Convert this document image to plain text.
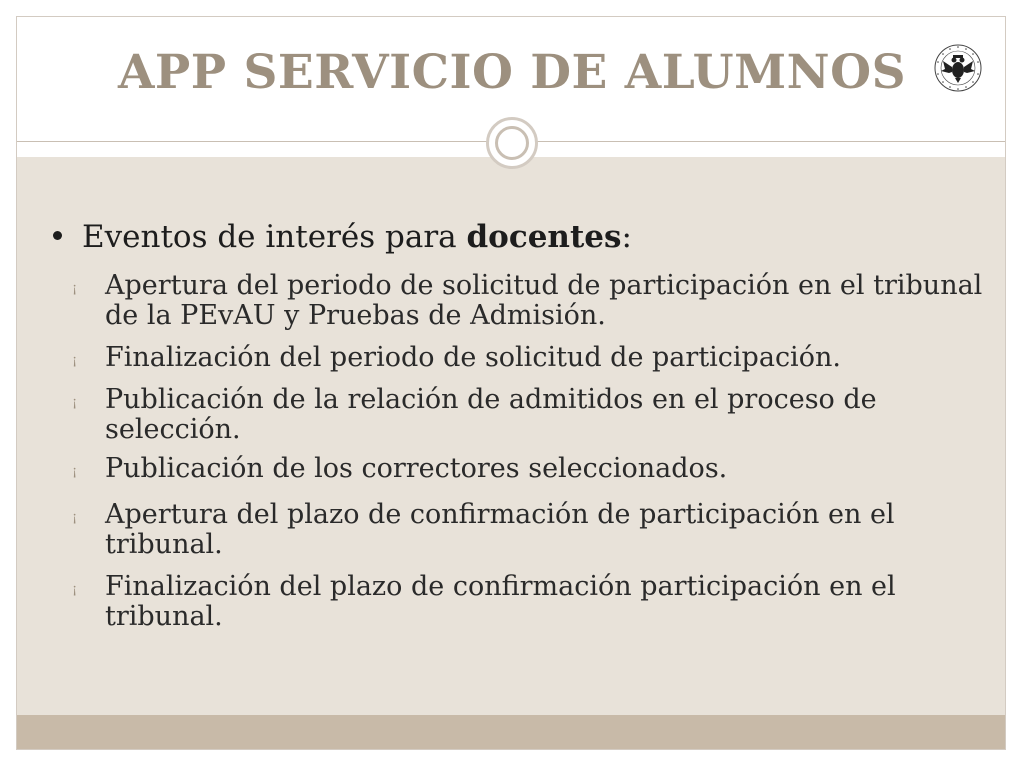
APP SERVICIO DE ALUMNOS
Eventos de interés para docentes:
¡ Apertura del periodo de solicitud de participación en el tribunal de la PEvAU y Pruebas de Admisión.
¡ Finalización del periodo de solicitud de participación.
¡ Publicación de la relación de admitidos en el proceso de selección.
¡ Publicación de los correctores seleccionados.
¡ Apertura del plazo de confirmación de participación en el tribunal.
¡ Finalización del plazo de confirmación participación en el tribunal.
